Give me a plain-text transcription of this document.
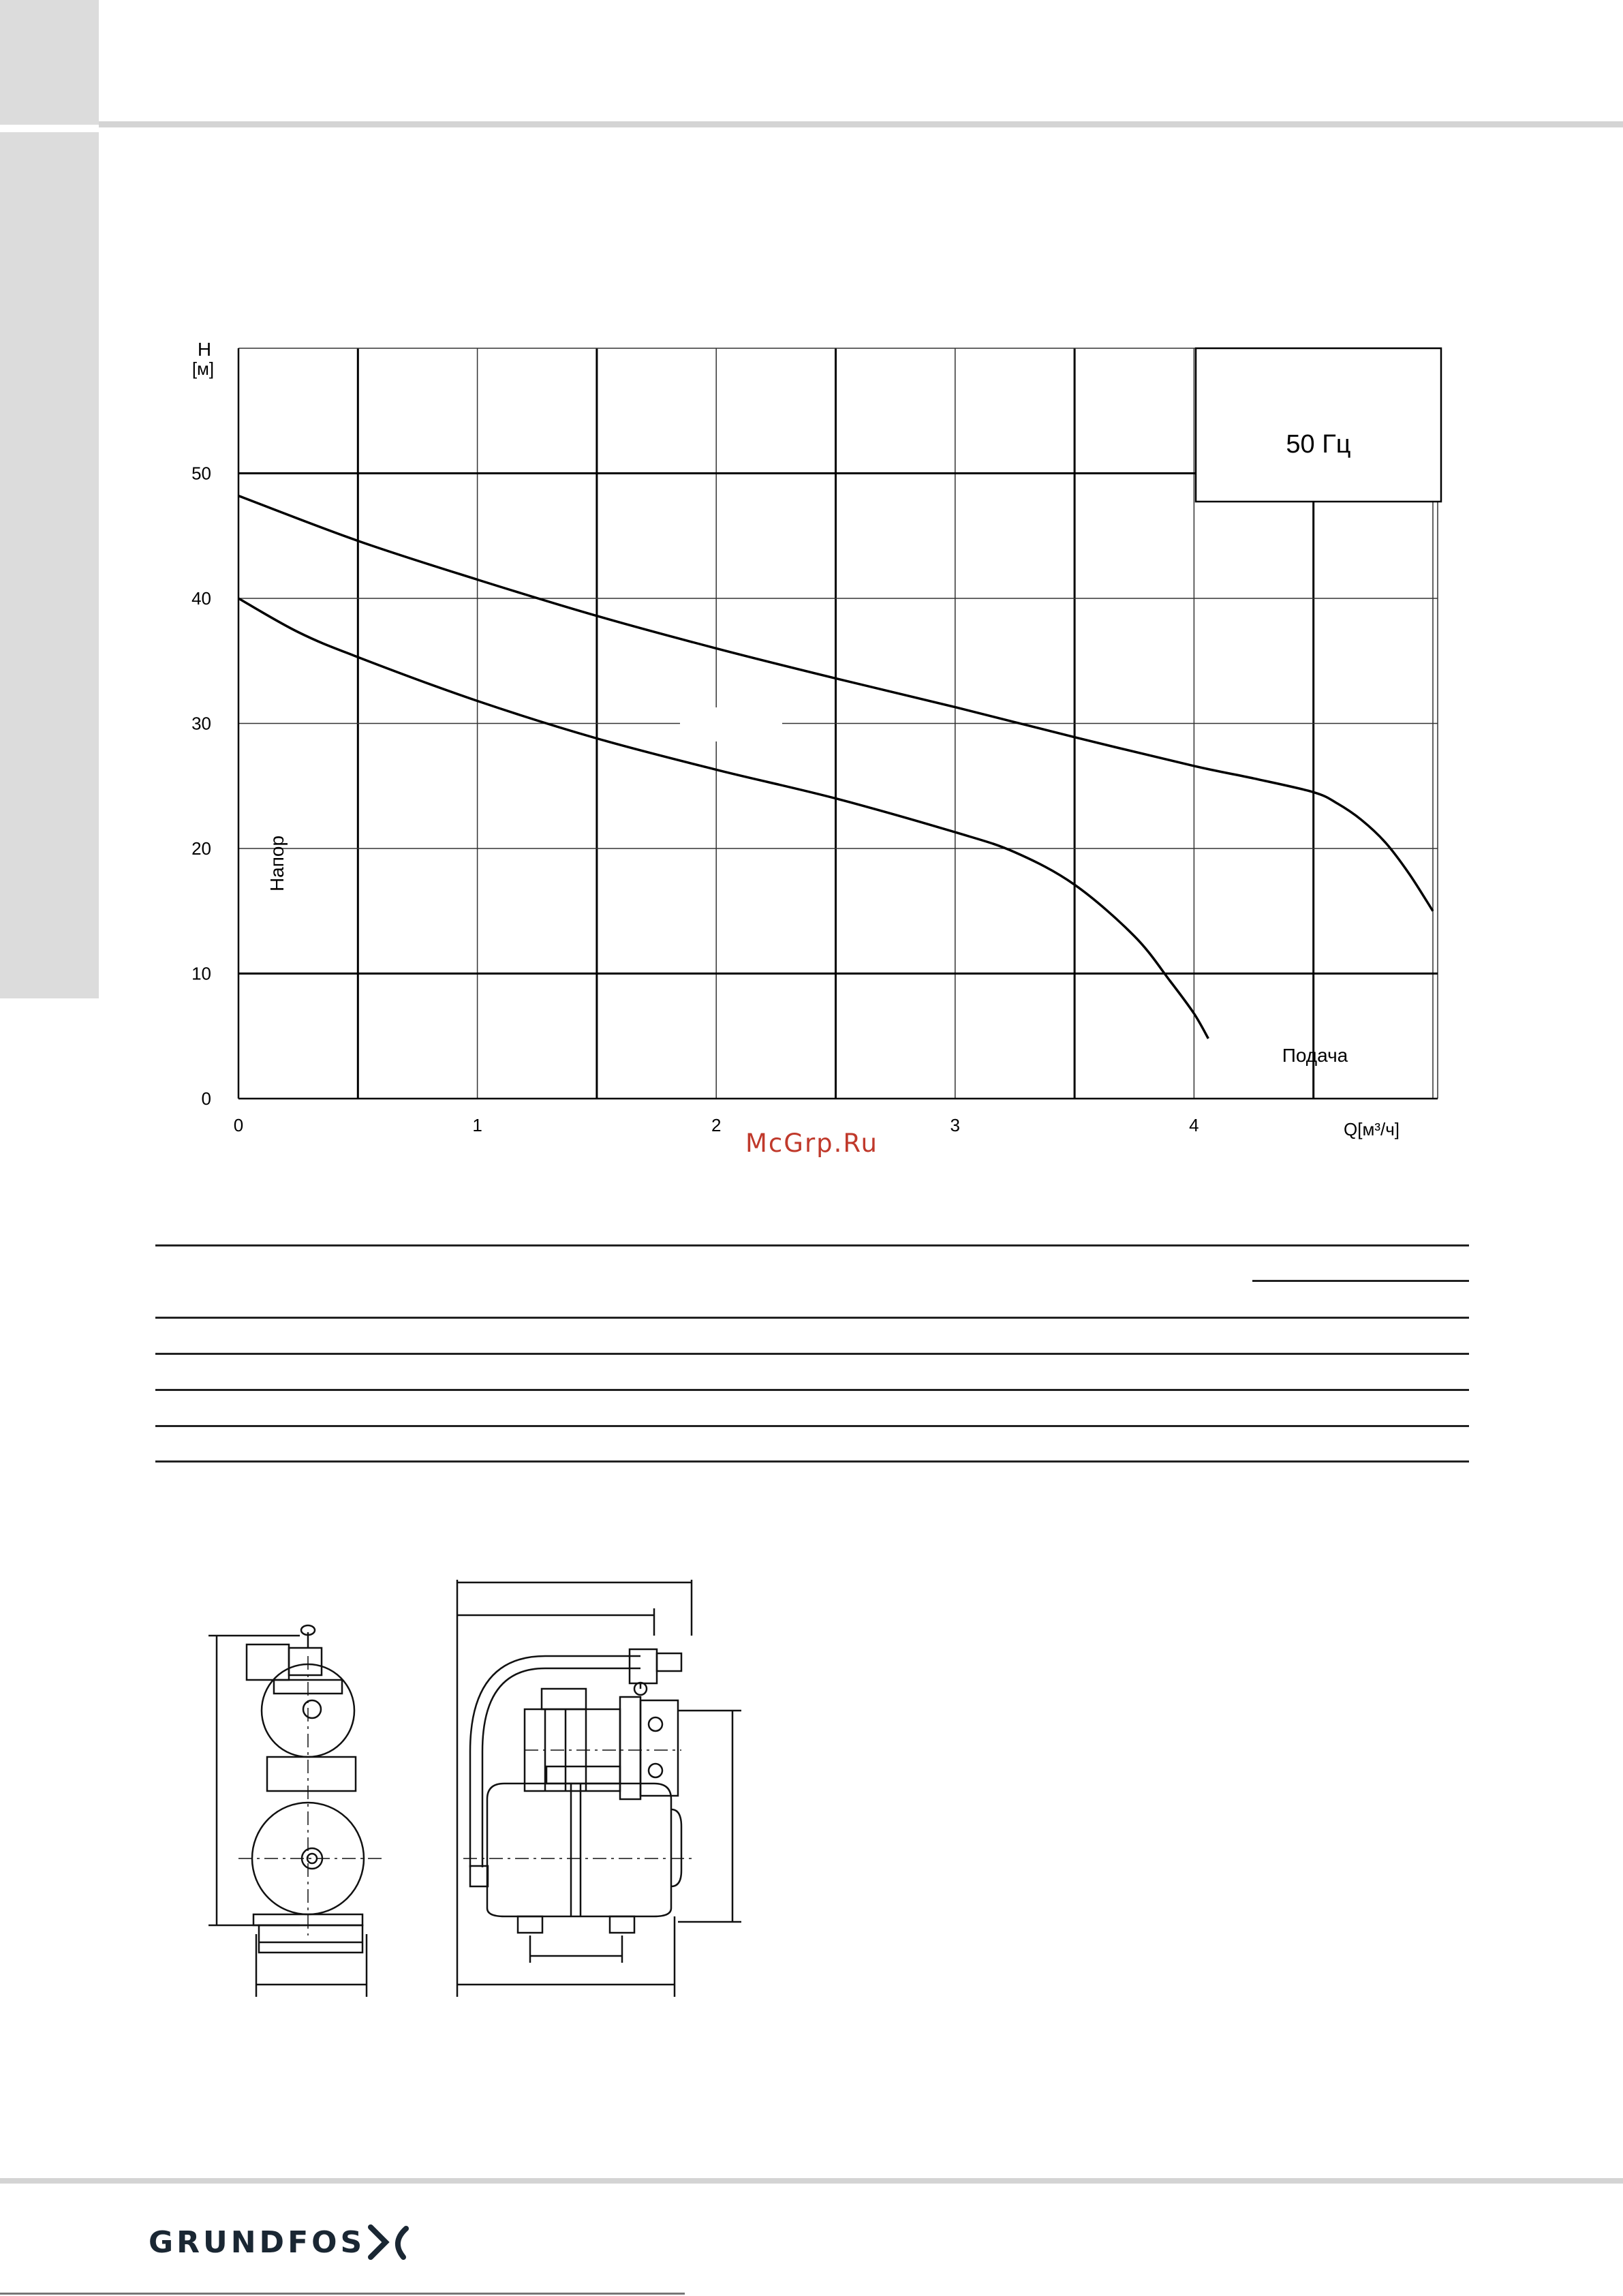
50 Гц
H
[м]
Напор
Подача
Q[м³/ч]
0	1	2	3	4
0
10
20
30
40
50
McGrp.Ru
GRUNDFOS
